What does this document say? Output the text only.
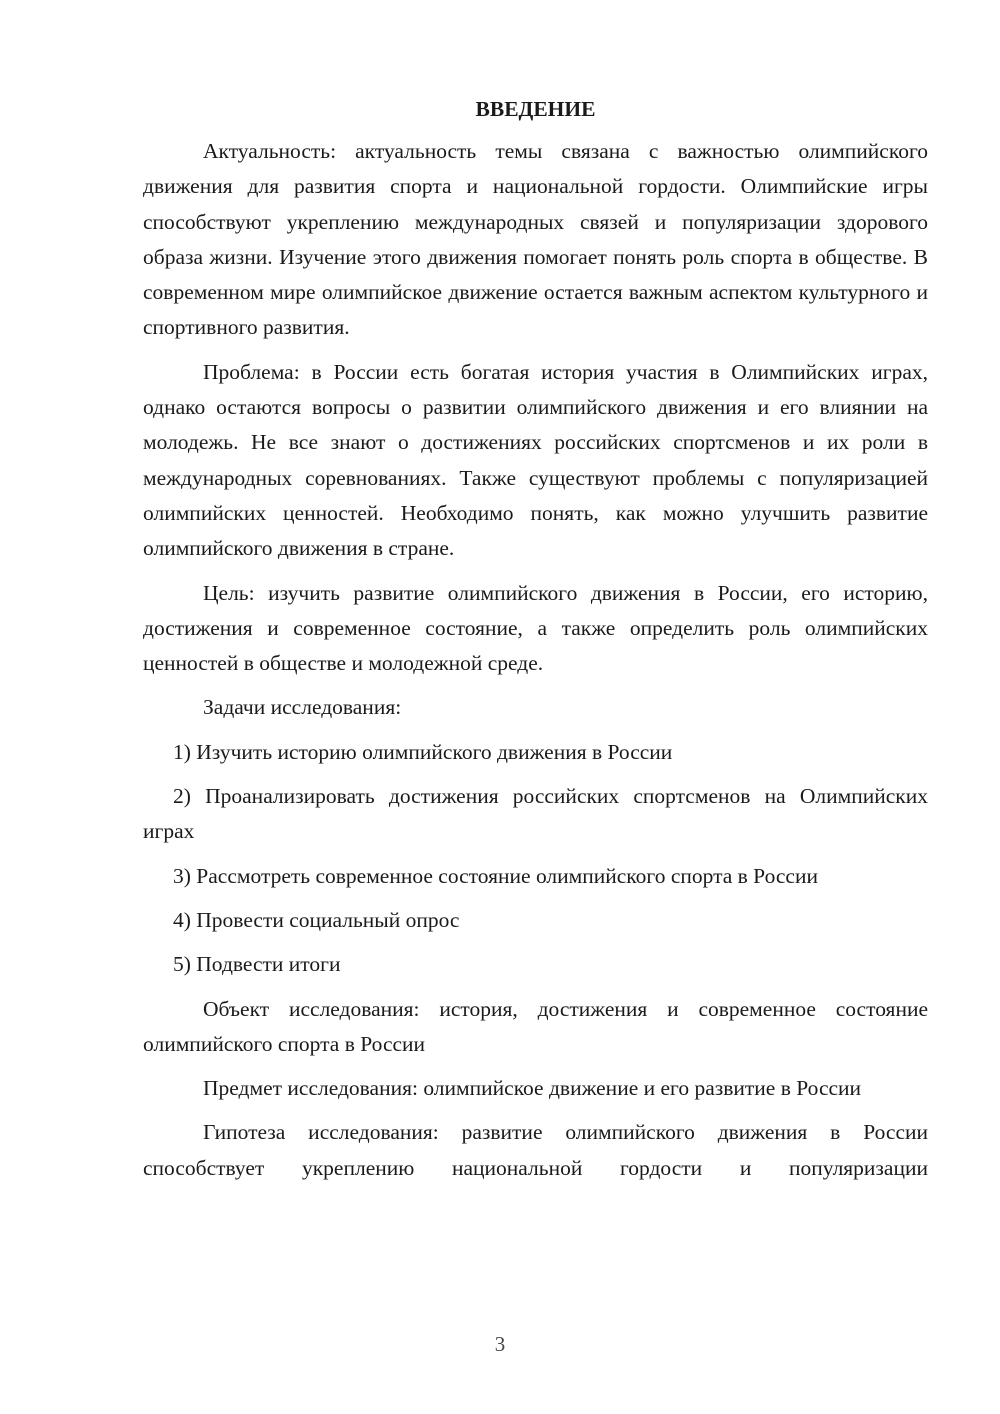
ВВЕДЕНИЕ

Актуальность: актуальность темы связана с важностью олимпийского движения для развития спорта и национальной гордости. Олимпийские игры способствуют укреплению международных связей и популяризации здорового образа жизни. Изучение этого движения помогает понять роль спорта в обществе. В современном мире олимпийское движение остается важным аспектом культурного и спортивного развития.

Проблема: в России есть богатая история участия в Олимпийских играх, однако остаются вопросы о развитии олимпийского движения и его влиянии на молодежь. Не все знают о достижениях российских спортсменов и их роли в международных соревнованиях. Также существуют проблемы с популяризацией олимпийских ценностей. Необходимо понять, как можно улучшить развитие олимпийского движения в стране.

Цель: изучить развитие олимпийского движения в России, его историю, достижения и современное состояние, а также определить роль олимпийских ценностей в обществе и молодежной среде.

Задачи исследования:

1) Изучить историю олимпийского движения в России

2) Проанализировать достижения российских спортсменов на Олимпийских играх

3) Рассмотреть современное состояние олимпийского спорта в России

4) Провести социальный опрос

5) Подвести итоги

Объект исследования: история, достижения и современное состояние олимпийского спорта в России

Предмет исследования: олимпийское движение и его развитие в России

Гипотеза исследования: развитие олимпийского движения в России способствует укреплению национальной гордости и популяризации

3
